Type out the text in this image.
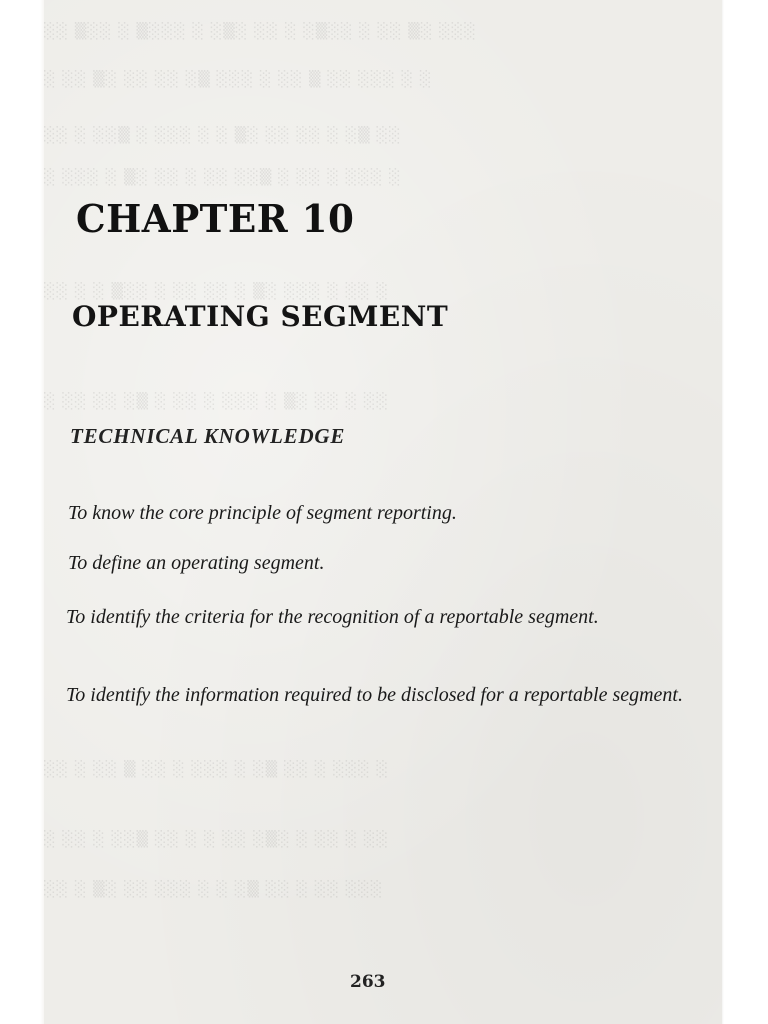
░░ ▒░░ ░ ▒░░░ ░ ░▒░ ░░ ░ ░▒░░ ░ ░░ ▒░ ░░░
░ ░░ ▒░ ░░ ░░ ░▒ ░░░ ░ ░░ ▒ ░░ ░░░ ░ ░
░░ ░ ░░▒ ░ ░░░ ░ ░ ▒░ ░░ ░░ ░ ░▒ ░░
░ ░░░ ░ ▒░ ░░ ░ ░░ ░░▒ ░ ░░ ░ ░░░ ░
░░ ░ ░ ▒░░ ░ ░░ ░░ ░ ▒░ ░░░ ░ ░░ ░
░ ░░ ░░ ░▒ ░ ░░ ░ ░░░ ░ ▒░ ░░ ░ ░░
░░ ░ ░░ ▒ ░░ ░ ░░░ ░ ░▒ ░░ ░ ░░░ ░
░ ░░ ░ ░░▒ ░░ ░ ░ ░░ ░▒░ ░ ░░ ░ ░░
░░ ░ ▒░ ░░ ░░░ ░ ░ ░▒ ░░ ░ ░░ ░░░
CHAPTER 10
OPERATING SEGMENT
TECHNICAL KNOWLEDGE
To know the core principle of segment reporting.
To define an operating segment.
To identify the criteria for the recognition of a reportable segment.
To identify the information required to be disclosed for a reportable segment.
263
